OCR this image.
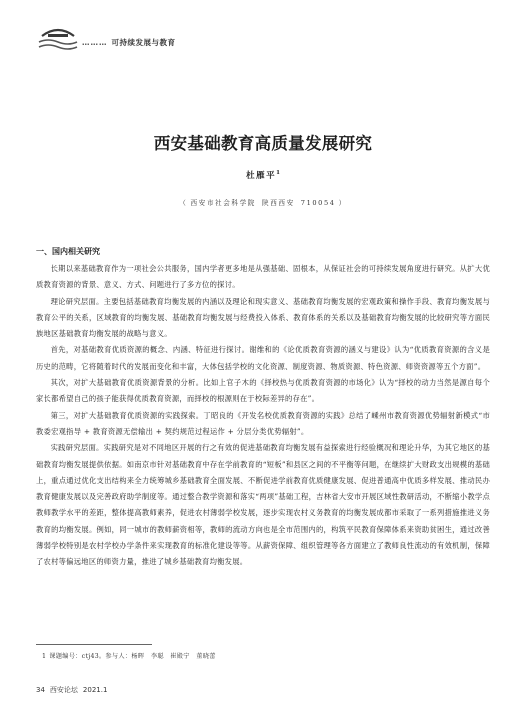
……… 可持续发展与教育
西安基础教育高质量发展研究
杜雁平$^1$
（ 西安市社会科学院 陕西西安 710054 ）
一、国内相关研究

长期以来基础教育作为一项社会公共服务，国内学者更多地是从强基础、固根本，从保证社会的可持续发展角度进行研究。从扩大优质教育资源的背景、意义、方式、问题进行了多方位的探讨。

理论研究层面。主要包括基础教育均衡发展的内涵以及理论和现实意义、基础教育均衡发展的宏观政策和操作手段、教育均衡发展与教育公平的关系，区域教育的均衡发展、基础教育均衡发展与经费投入体系、教育体系的关系以及基础教育均衡发展的比较研究等方面民族地区基础教育均衡发展的战略与意义。

首先，对基础教育优质资源的概念、内涵、特征进行探讨。谢维和的《论优质教育资源的涵义与建设》认为“优质教育资源的含义是历史的范畴，它将随着时代的发展而变化和丰富，大体包括学校的文化资源、制度资源、物质资源、特色资源、师资资源等五个方面”。

其次，对扩大基础教育优质资源背景的分析。比如上官子木的《择校热与优质教育资源的市场化》认为“择校的动力当然是源自每个家长都希望自己的孩子能获得优质教育资源，而择校的根源则在于校际差异的存在”。

第三，对扩大基础教育优质资源的实践探索。丁昭良的《开发名校优质教育资源的实践》总结了嵊州市教育资源优势辐射新模式“市教委宏观指导 + 教育资源无偿输出 + 契约规范过程运作 + 分层分类优势辐射”。

实践研究层面。实践研究是对不同地区开展的行之有效的促进基础教育均衡发展有益探索进行经验概况和理论升华，为其它地区的基础教育均衡发展提供依据。如南京市针对基础教育中存在学前教育的“短板”和县区之间的不平衡等问题，在继续扩大财政支出规模的基础上，重点通过优化支出结构来全力统筹城乡基础教育全面发展、不断促进学前教育优质健康发展、促进普通高中优质多样发展、推动民办教育健康发展以及完善政府助学制度等。通过整合教学资源和落实“两项”基础工程，吉林省大安市开展区域性教研活动，不断缩小教学点教师教学水平的差距，整体提高教师素养，促进农村薄弱学校发展，逐步实现农村义务教育的均衡发展成都市采取了一系列措施推进义务教育的均衡发展。例如，同一城市的教师薪资相等，教师的流动方向也是全市范围内的，构筑平民教育保障体系来资助贫困生，通过改善薄弱学校特别是农村学校办学条件来实现教育的标准化建设等等。从薪资保障、组织管理等各方面建立了教师良性流动的有效机制，保障了农村等偏远地区的师资力量，推进了城乡基础教育均衡发展。

1 课题编号：ctj43。参与人：杨晖　李聪　崔殿宁　董晓蕾
34 西安论坛 2021.1
